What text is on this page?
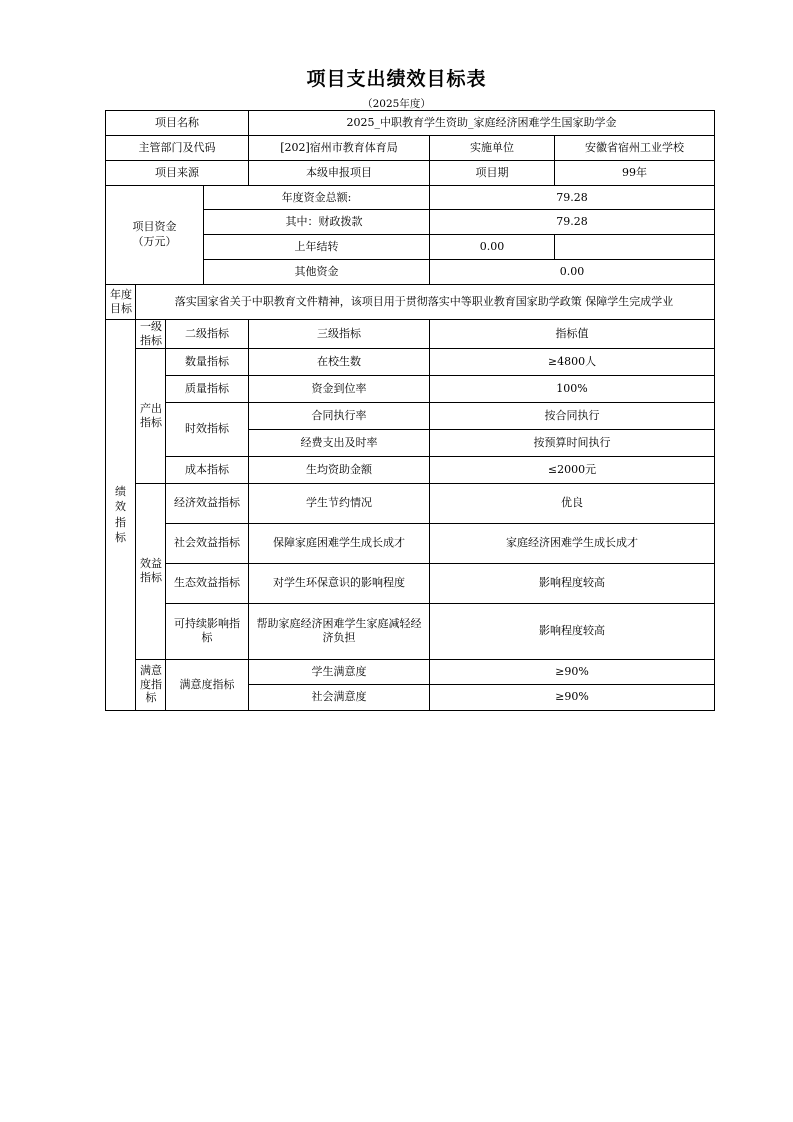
项目支出绩效目标表
（2025年度）
项目名称				2025_中职教育学生资助_家庭经济困难学生国家助学金		
主管部门及代码				[202]宿州市教育体育局	实施单位	安徽省宿州工业学校
项目来源				本级申报项目	项目期	99年
项目资金（万元）			年度资金总额:		79.28	
			其中：财政拨款		79.28	
			上年结转		0.00	
			其他资金		0.00	
年度目标	落实国家省关于中职教育文件精神，该项目用于贯彻落实中等职业教育国家助学政策 保障学生完成学业					
绩效指标	一级指标	二级指标		三级指标	指标值	
	产出指标	数量指标		在校生数	≥4800人	
		质量指标		资金到位率	100%	
		时效指标		合同执行率	按合同执行	
				经费支出及时率	按预算时间执行	
		成本指标		生均资助金额	≤2000元	
	效益指标	经济效益指标		学生节约情况	优良	
		社会效益指标		保障家庭困难学生成长成才	家庭经济困难学生成长成才	
		生态效益指标		对学生环保意识的影响程度	影响程度较高	
		可持续影响指标		帮助家庭经济困难学生家庭减轻经济负担	影响程度较高	
	满意度指标	满意度指标		学生满意度	≥90%	
				社会满意度	≥90%	
